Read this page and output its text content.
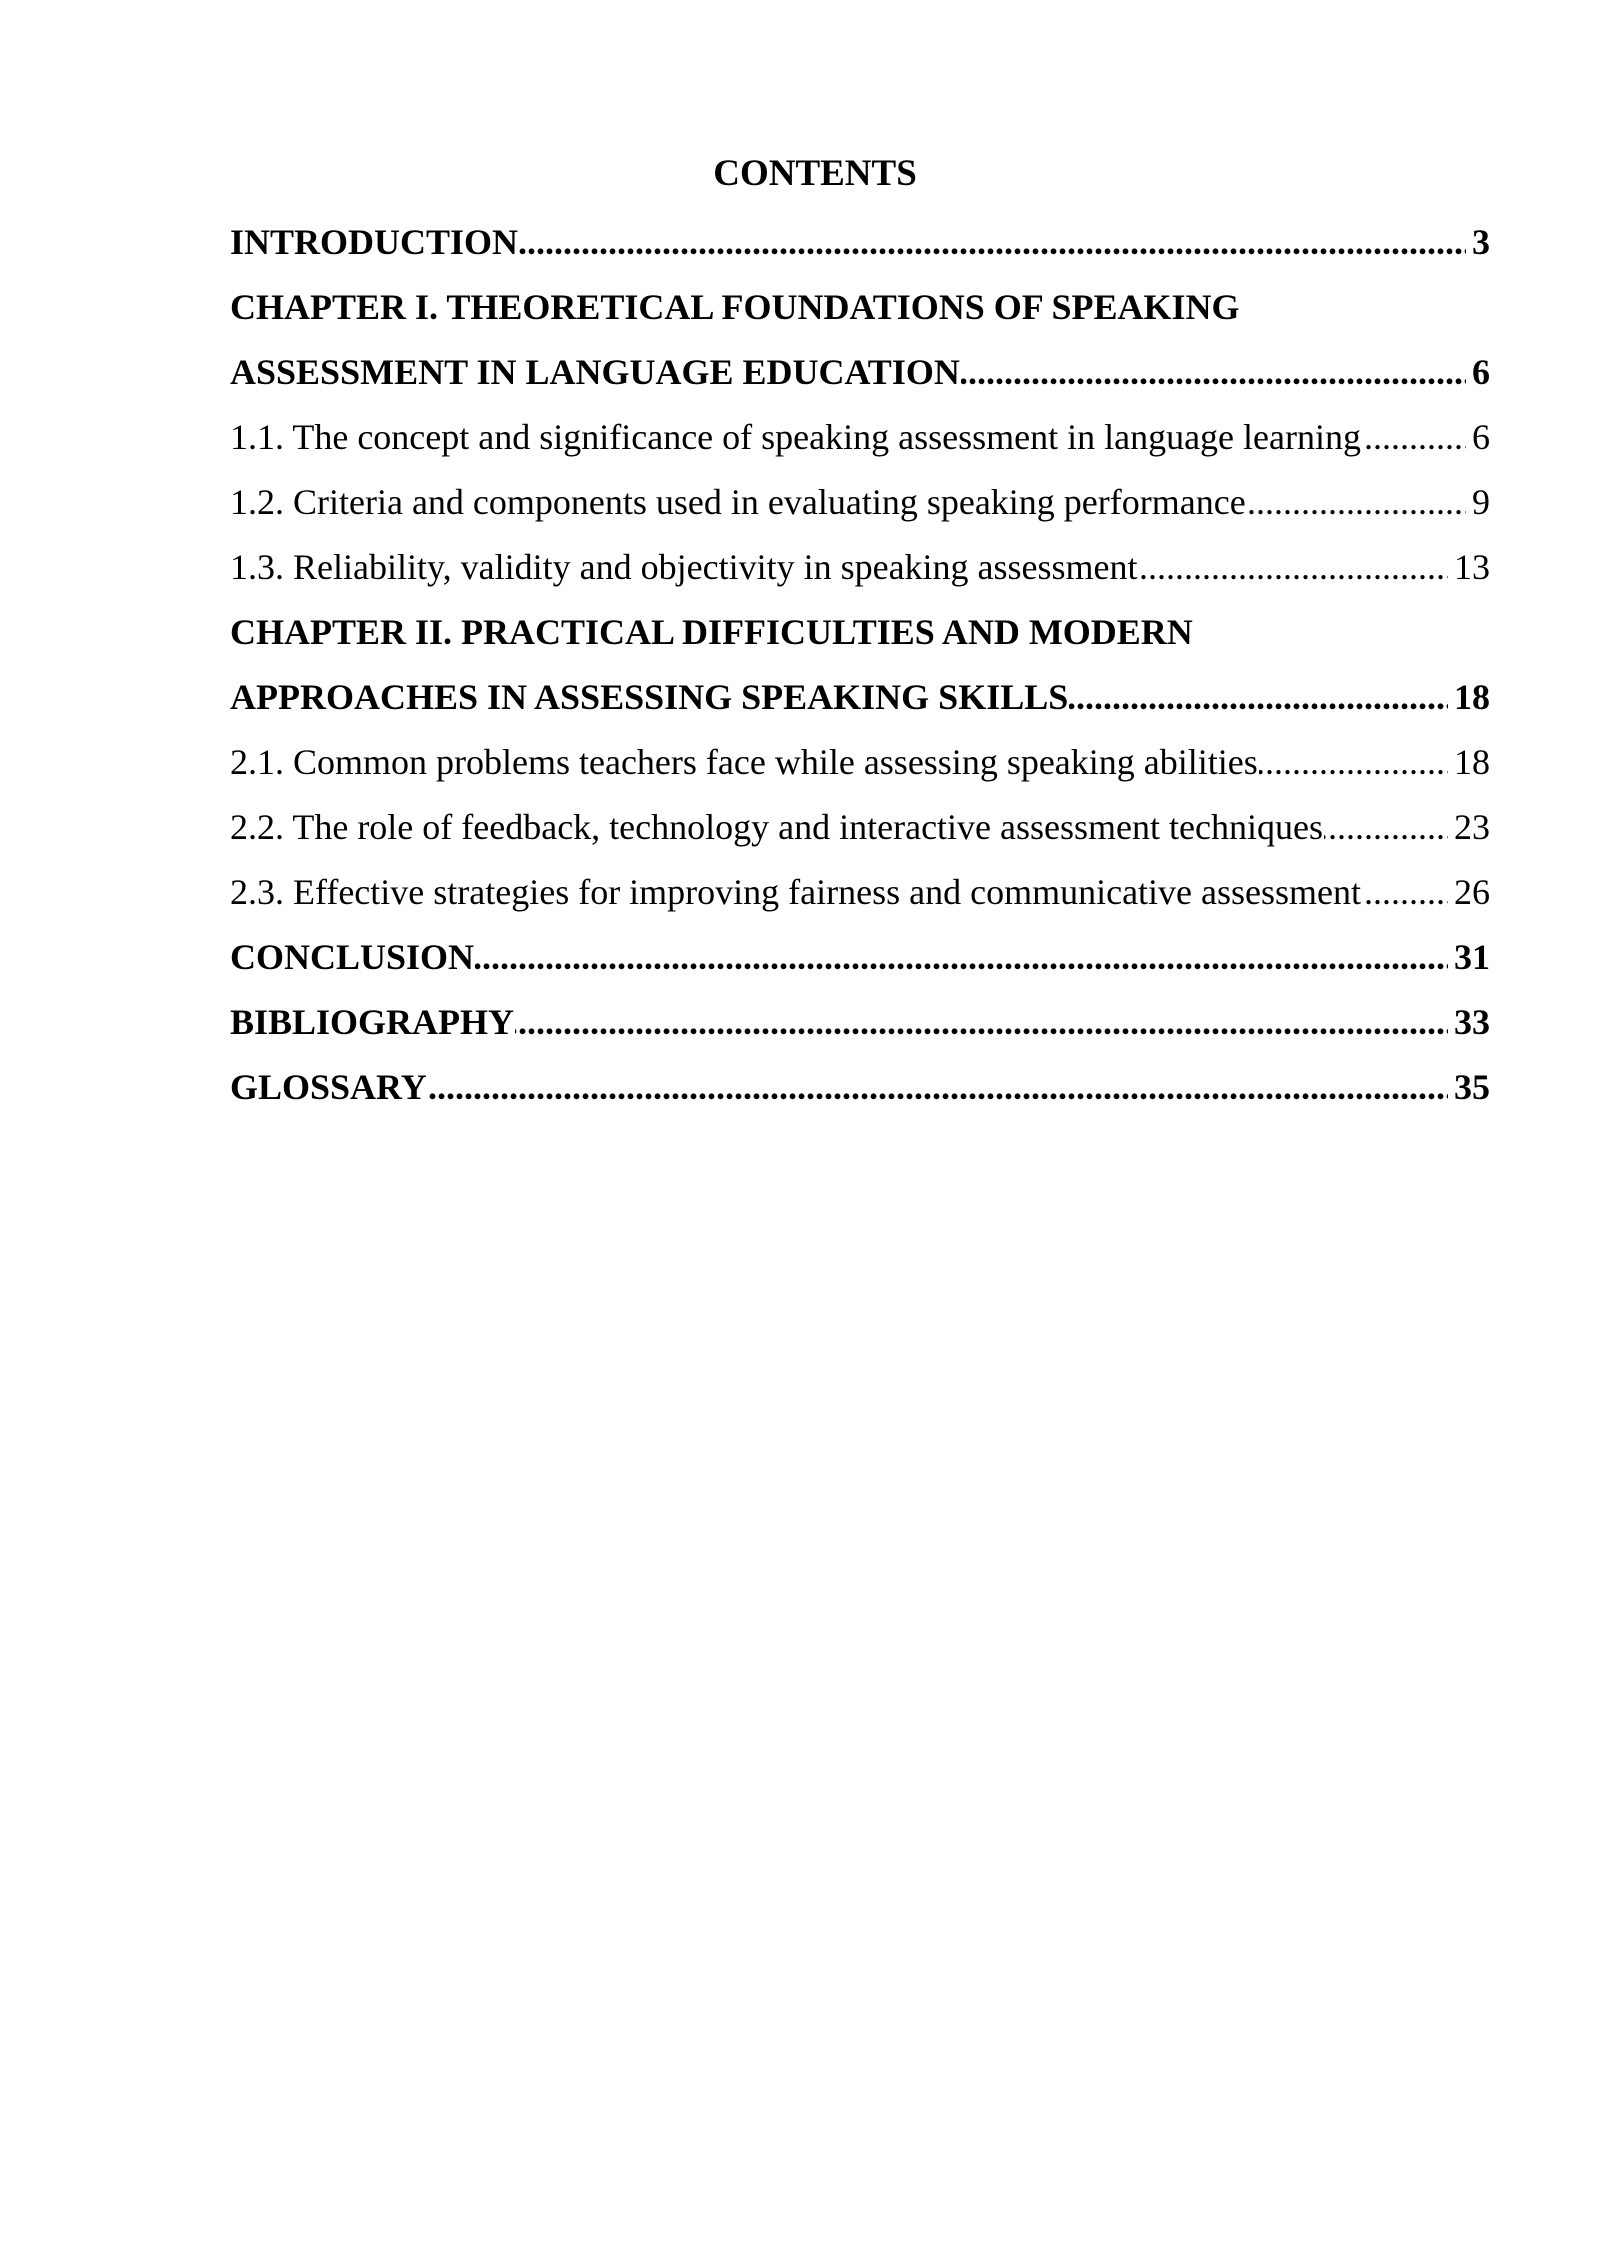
CONTENTS
INTRODUCTION .....	3
CHAPTER I. THEORETICAL FOUNDATIONS OF SPEAKING
ASSESSMENT IN LANGUAGE EDUCATION .....	6
1.1. The concept and significance of speaking assessment in language learning .....	6
1.2. Criteria and components used in evaluating speaking performance .....	9
1.3. Reliability, validity and objectivity in speaking assessment .....	13
CHAPTER II. PRACTICAL DIFFICULTIES AND MODERN
APPROACHES IN ASSESSING SPEAKING SKILLS .....	18
2.1. Common problems teachers face while assessing speaking abilities .....	18
2.2. The role of feedback, technology and interactive assessment techniques .....	23
2.3. Effective strategies for improving fairness and communicative assessment .....	26
CONCLUSION .....	31
BIBLIOGRAPHY .....	33
GLOSSARY .....	35
